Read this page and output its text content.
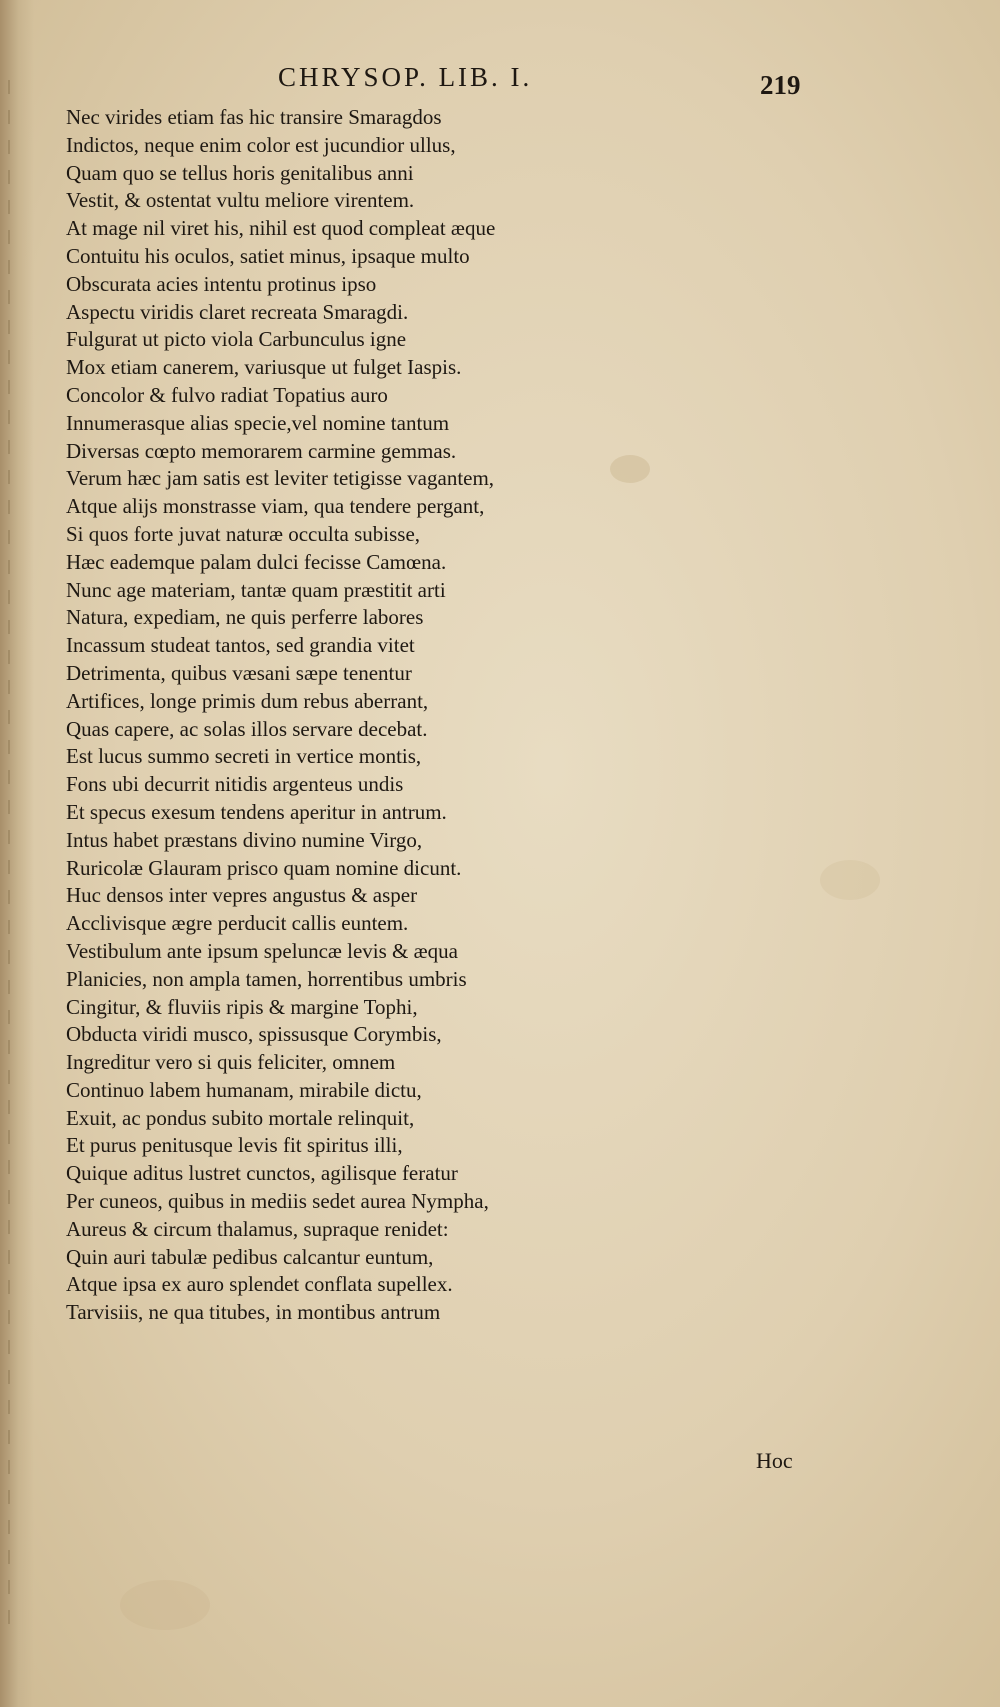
CHRYSOP. LIB. I.	219
Nec virides etiam fas hic transire Smaragdos
Indictos, neque enim color est jucundior ullus,
Quam quo se tellus horis genitalibus anni
Vestit, & ostentat vultu meliore virentem.
At mage nil viret his, nihil est quod compleat æque
Contuitu his oculos, satiet minus, ipsaque multo
Obscurata acies intentu protinus ipso
Aspectu viridis claret recreata Smaragdi.
Fulgurat ut picto viola Carbunculus igne
Mox etiam canerem, variusque ut fulget Iaspis.
Concolor & fulvo radiat Topatius auro
Innumerasque alias specie,vel nomine tantum
Diversas cœpto memorarem carmine gemmas.
Verum hæc jam satis est leviter tetigisse vagantem,
Atque alijs monstrasse viam, qua tendere pergant,
Si quos forte juvat naturæ occulta subisse,
Hæc eademque palam dulci fecisse Camœna.
Nunc age materiam, tantæ quam præstitit arti
Natura, expediam, ne quis perferre labores
Incassum studeat tantos, sed grandia vitet
Detrimenta, quibus væsani sæpe tenentur
Artifices, longe primis dum rebus aberrant,
Quas capere, ac solas illos servare decebat.
Est lucus summo secreti in vertice montis,
Fons ubi decurrit nitidis argenteus undis
Et specus exesum tendens aperitur in antrum.
Intus habet præstans divino numine Virgo,
Ruricolæ Glauram prisco quam nomine dicunt.
Huc densos inter vepres angustus & asper
Acclivisque ægre perducit callis euntem.
Vestibulum ante ipsum speluncæ levis & æqua
Planicies, non ampla tamen, horrentibus umbris
Cingitur, & fluviis ripis & margine Tophi,
Obducta viridi musco, spissusque Corymbis,
Ingreditur vero si quis feliciter, omnem
Continuo labem humanam, mirabile dictu,
Exuit, ac pondus subito mortale relinquit,
Et purus penitusque levis fit spiritus illi,
Quique aditus lustret cunctos, agilisque feratur
Per cuneos, quibus in mediis sedet aurea Nympha,
Aureus & circum thalamus, supraque renidet:
Quin auri tabulæ pedibus calcantur euntum,
Atque ipsa ex auro splendet conflata supellex.
Tarvisiis, ne qua titubes, in montibus antrum
Hoc
